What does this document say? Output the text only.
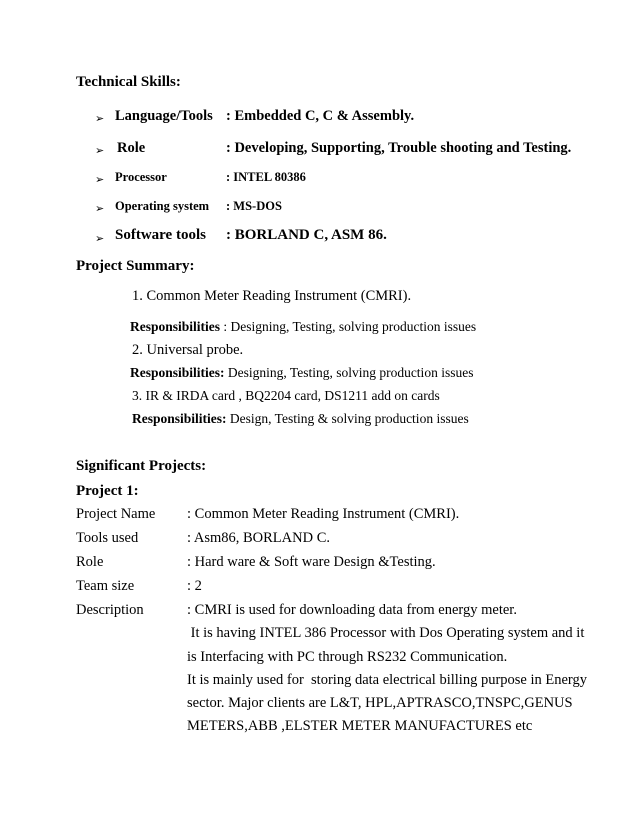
Technical Skills:
➢ Language/Tools : Embedded C, C & Assembly.
➢ Role	: Developing, Supporting, Trouble shooting and Testing.
➢ Processor	: INTEL 80386
➢ Operating system : MS-DOS
➢ Software tools : BORLAND C, ASM 86.
Project Summary:
1. Common Meter Reading Instrument (CMRI).
Responsibilities : Designing, Testing, solving production issues
2. Universal probe.
Responsibilities: Designing, Testing, solving production issues
3. IR & IRDA card , BQ2204 card, DS1211 add on cards
Responsibilities: Design, Testing & solving production issues
Significant Projects:
Project 1:
Project Name : Common Meter Reading Instrument (CMRI).
Tools used	: Asm86, BORLAND C.
Role	: Hard ware & Soft ware Design &Testing.
Team size	: 2
Description	: CMRI is used for downloading data from energy meter.
It is having INTEL 386 Processor with Dos Operating system and it
is Interfacing with PC through RS232 Communication.
It is mainly used for  storing data electrical billing purpose in Energy
sector. Major clients are L&T, HPL,APTRASCO,TNSPC,GENUS
METERS,ABB ,ELSTER METER MANUFACTURES etc
